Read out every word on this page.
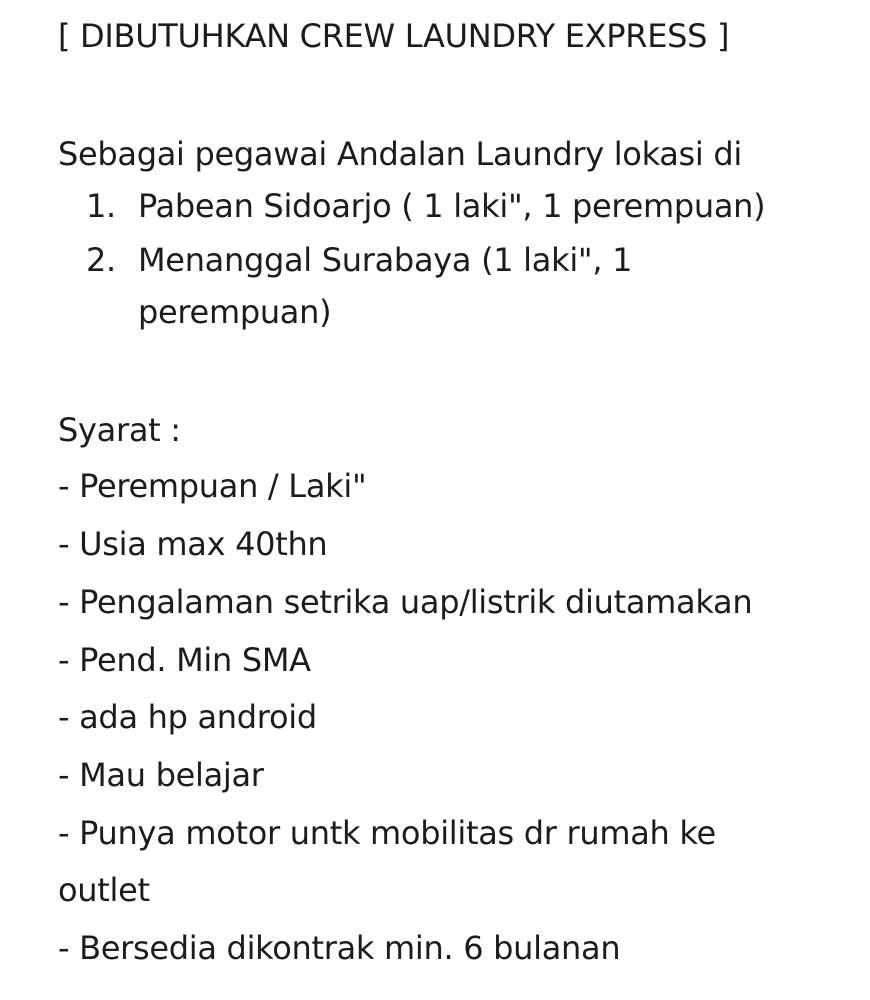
[ DIBUTUHKAN CREW LAUNDRY EXPRESS ]
Sebagai pegawai Andalan Laundry lokasi di
1. Pabean Sidoarjo ( 1 laki", 1 perempuan)
2. Menanggal Surabaya (1 laki", 1
perempuan)
Syarat :
- Perempuan / Laki"
- Usia max 40thn
- Pengalaman setrika uap/listrik diutamakan
- Pend. Min SMA
- ada hp android
- Mau belajar
- Punya motor untk mobilitas dr rumah ke
outlet
- Bersedia dikontrak min. 6 bulanan
